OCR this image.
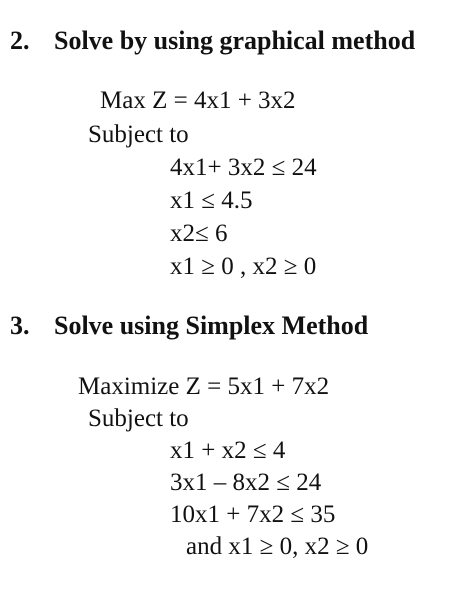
2. Solve by using graphical method
Max Z = 4x1 + 3x2
Subject to
4x1+ 3x2 ≤ 24
x1 ≤ 4.5
x2≤ 6
x1 ≥ 0 , x2 ≥ 0
3. Solve using Simplex Method
Maximize Z = 5x1 + 7x2
Subject to
x1 + x2 ≤ 4
3x1 – 8x2 ≤ 24
10x1 + 7x2 ≤ 35
and x1 ≥ 0, x2 ≥ 0
